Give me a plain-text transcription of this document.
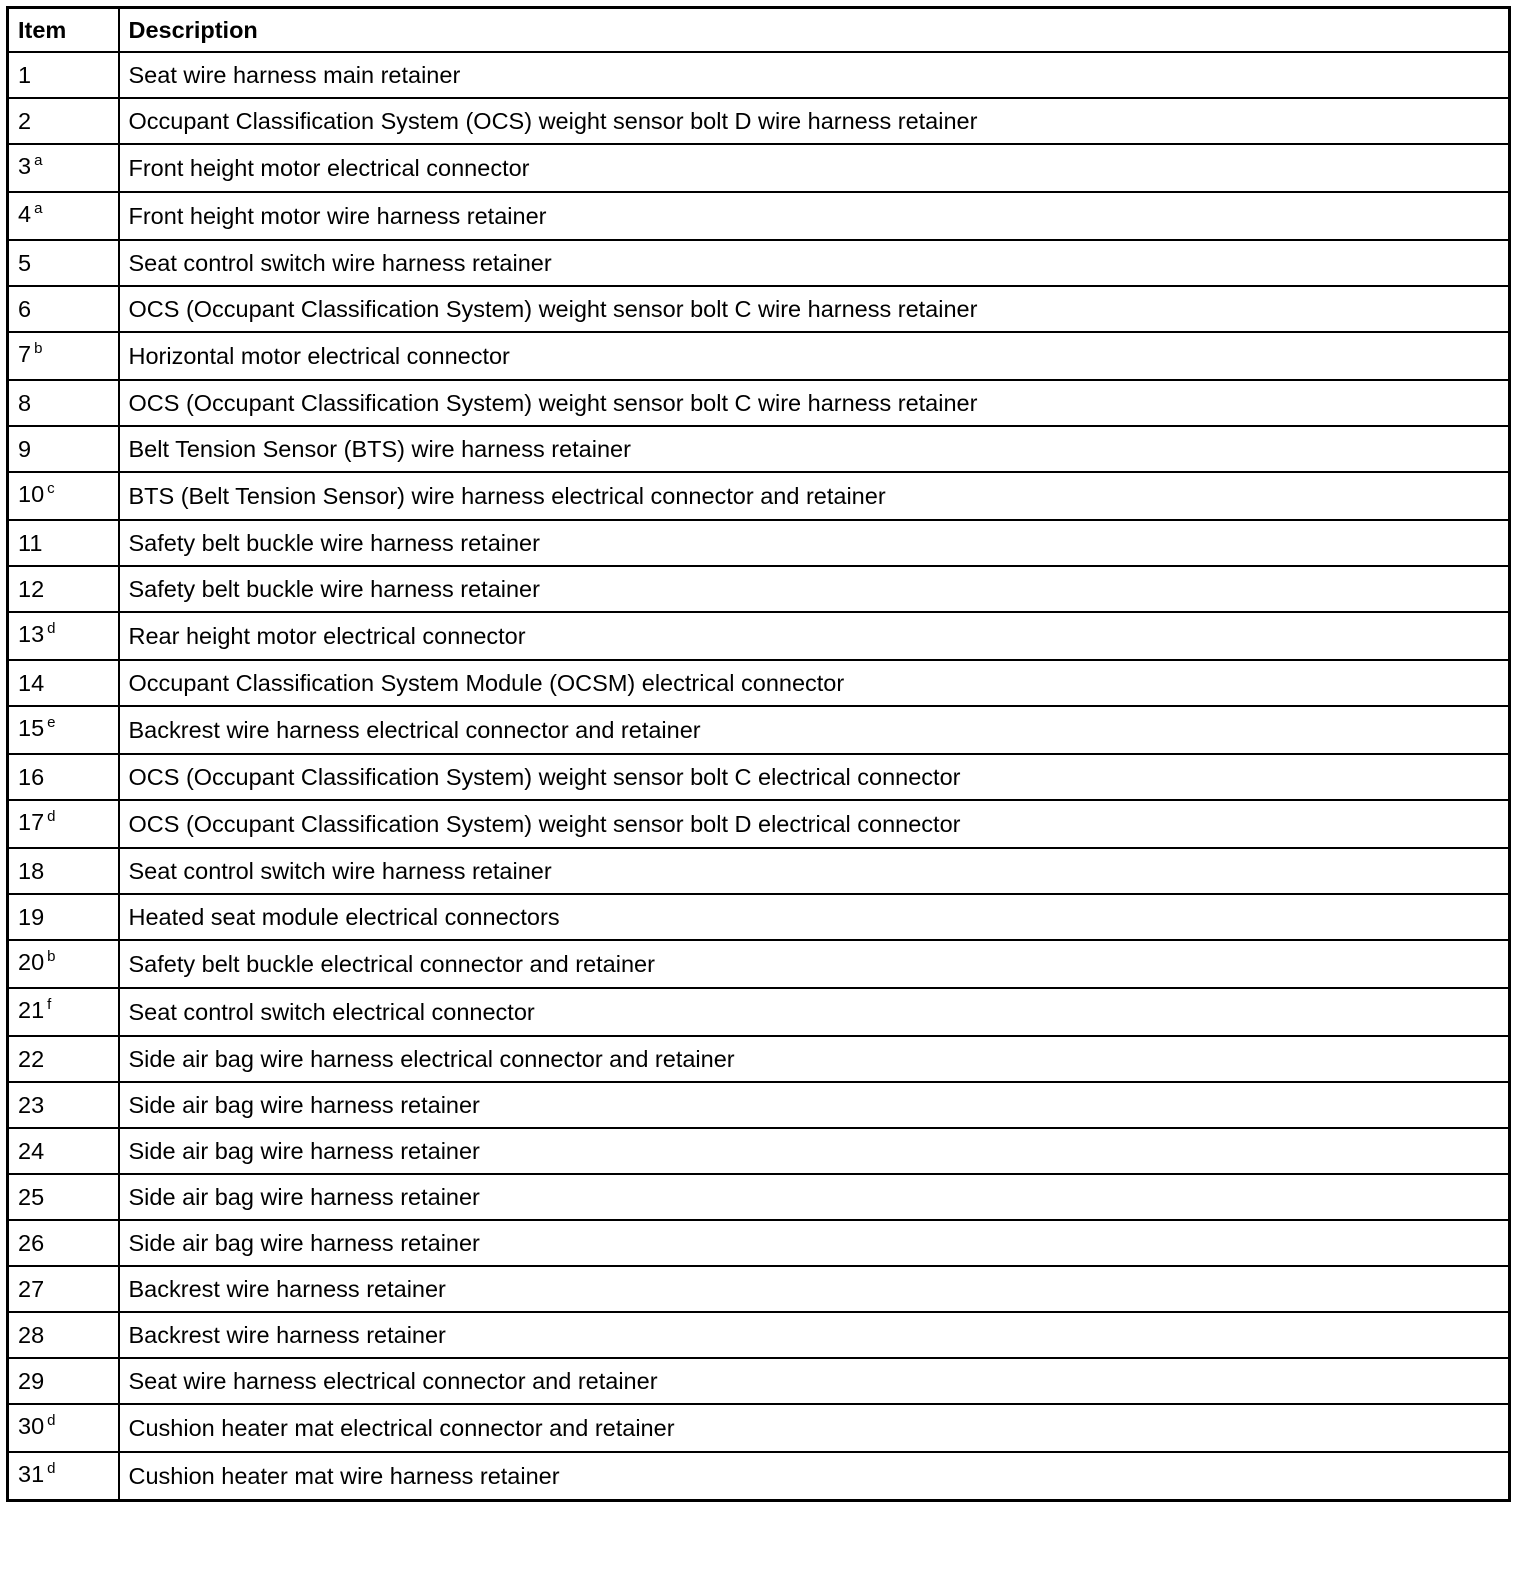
Item	Description
1	Seat wire harness main retainer
2	Occupant Classification System (OCS) weight sensor bolt D wire harness retainer
3 $^a$	Front height motor electrical connector
4 $^a$	Front height motor wire harness retainer
5	Seat control switch wire harness retainer
6	OCS (Occupant Classification System) weight sensor bolt C wire harness retainer
7 $^b$	Horizontal motor electrical connector
8	OCS (Occupant Classification System) weight sensor bolt C wire harness retainer
9	Belt Tension Sensor (BTS) wire harness retainer
10 $^c$	BTS (Belt Tension Sensor) wire harness electrical connector and retainer
11	Safety belt buckle wire harness retainer
12	Safety belt buckle wire harness retainer
13 $^d$	Rear height motor electrical connector
14	Occupant Classification System Module (OCSM) electrical connector
15 $^e$	Backrest wire harness electrical connector and retainer
16	OCS (Occupant Classification System) weight sensor bolt C electrical connector
17 $^d$	OCS (Occupant Classification System) weight sensor bolt D electrical connector
18	Seat control switch wire harness retainer
19	Heated seat module electrical connectors
20 $^b$	Safety belt buckle electrical connector and retainer
21 $^f$	Seat control switch electrical connector
22	Side air bag wire harness electrical connector and retainer
23	Side air bag wire harness retainer
24	Side air bag wire harness retainer
25	Side air bag wire harness retainer
26	Side air bag wire harness retainer
27	Backrest wire harness retainer
28	Backrest wire harness retainer
29	Seat wire harness electrical connector and retainer
30 $^d$	Cushion heater mat electrical connector and retainer
31 $^d$	Cushion heater mat wire harness retainer
